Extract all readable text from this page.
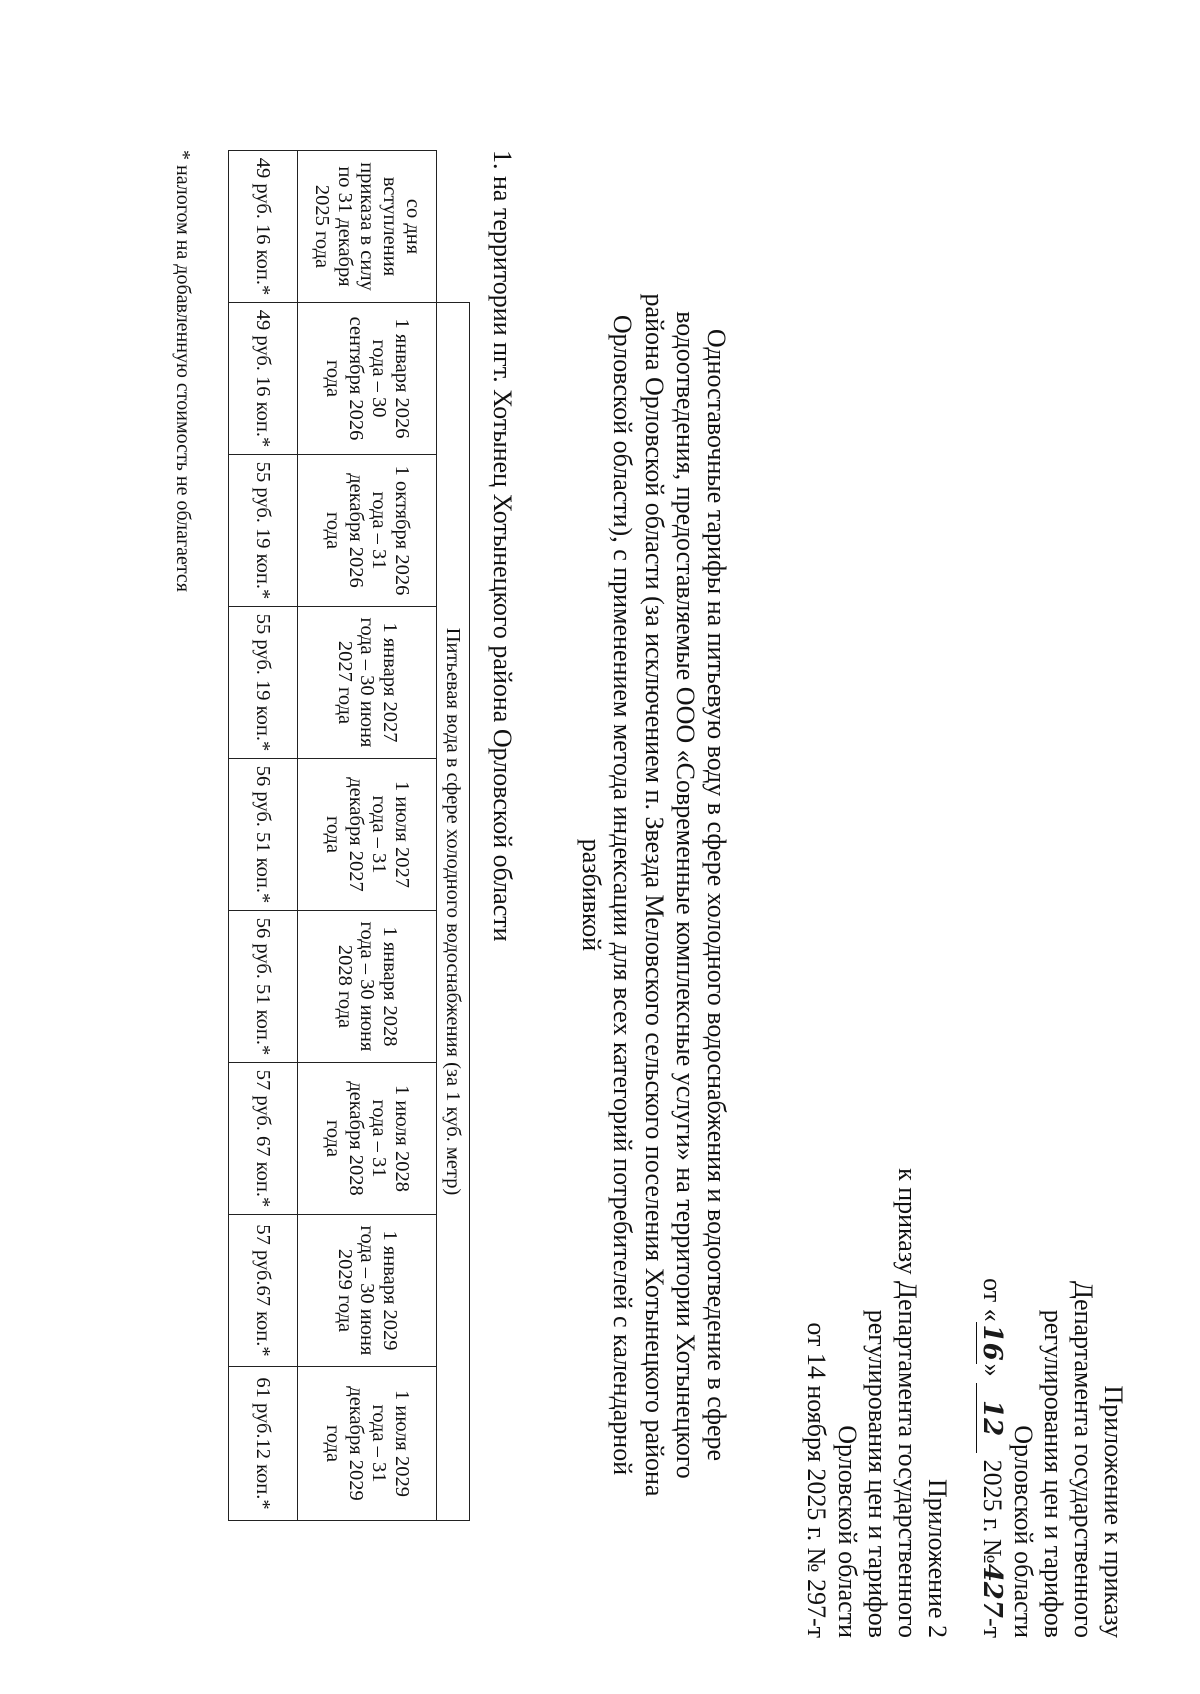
Приложение к приказу
Департамента государственного
регулирования цен и тарифов
Орловской области
от «16» 12 2025 г. №427-т
Приложение 2
к приказу Департамента государственного
регулирования цен и тарифов
Орловской области
от 14 ноября 2025 г. № 297-т
Одноставочные тарифы на питьевую воду в сфере холодного водоснабжения и водоотведение в сфере
водоотведения, предоставляемые ООО «Современные комплексные услуги» на территории Хотынецкого
района Орловской области (за исключением п. Звезда Меловского сельского поселения Хотынецкого района
Орловской области), с применением метода индексации для всех категорий потребителей с календарной
разбивкой
1. на территории пгт. Хотынец Хотынецкого района Орловской области
	Питьевая вода в сфере холодного водоснабжения (за 1 куб. метр)							
со дня вступления приказа в силу по 31 декабря 2025 года	1 января 2026 года – 30 сентября 2026 года	1 октября 2026 года – 31 декабря 2026 года	1 января 2027 года – 30 июня 2027 года	1 июля 2027 года – 31 декабря 2027 года	1 января 2028 года – 30 июня 2028 года	1 июля 2028 года – 31 декабря 2028 года	1 января 2029 года – 30 июня 2029 года	1 июля 2029 года – 31 декабря 2029 года
49 руб. 16 коп.*	49 руб. 16 коп.*	55 руб. 19 коп.*	55 руб. 19 коп.*	56 руб. 51 коп.*	56 руб. 51 коп.*	57 руб. 67 коп.*	57 руб.67 коп.*	61 руб.12 коп.*
* налогом на добавленную стоимость не облагается
